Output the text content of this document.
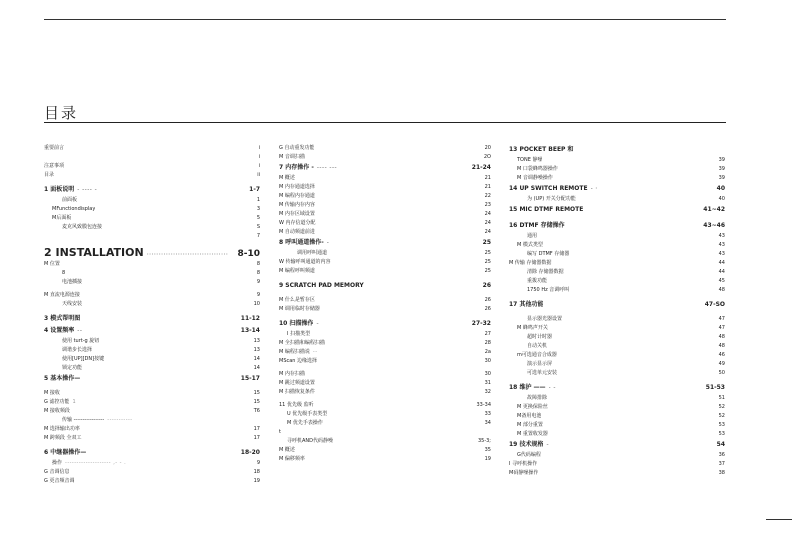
目录
重要前言	i
i
注意事项	i
目录	ii
1 面板说明 - ---- -	1-7
前面板	1
MFunctiondisplay	3
M后面板	5
麦克风致膜包连接	S
7
2 INSTALLATION ··································	8-10
M 位置	8
8	8
电池插接	9
M 直流电源连接	9
天线安装	10
3 模式帮明图	11-12
4 设置频率 --	13-14
使用 turt-g 旋钮	13
调谐步长选择	13
使用[UP][DN]按键	14
锁定功能	14
5 基本操作—	15-17
M 接收	15
G 滤控功能 1	15
M 接收频段	T6
传输 ----------------- -----------
M 选择输出功率	17
M 跨频段 全双工	17
6 中继器操作—	18-20
操作 -------------------- ,- - .	9
G 音调信息	18
G 更音频音调	19
G 自动重发功能	20
M 音调扫描	2O
7 内存操作 - ---- ---	21-24
M 概述	21
M 内存通道选择	21
M 编程内存通道	22
M 传输内存内容	23
M 内存区域设置	24
W 内存信道分配	24
M 自动频道前进	24
8 呼叫通道操作- -	25
调用呼叫通道	25
W 传输呼叫通道的内容	25
M 编程呼叫频道	25
9 SCRATCH PAD MEMORY	26
M 什么是暂存区	26
M 调用临时存储器	26
10 扫描操作 -	27-32
I 扫描类型	27
M 全扫描和编程扫描	28
M 编程扫描说 --	2a
MScan 边缘选择	30
M 内存扫描	30
M 跳过频道设置	31
M 扫描恢复条件	32
11 优先级 监听	33-34
U 优先级手表类型	33
M 优先手表操作	34
t
寻呼机AND代码静噪	35-3;
M 概述	35
M 偏移频率	19
13 POCKET BEEP 和
TONE 静噪	39
M 口袋蜂鸣器操作	39
M 音调静噪操作	39
14 UP SWITCH REMOTE - ·	40
为 (UP) 开关分配功能	40
15 MIC DTMF REMOTE	41~42
16 DTMF 存储操作	43~46
通用	43
M 模式类型	43
编写 DTMF 存储器	43
M 传输 存储器数据	44
清除 存储器数据	44
重拨功能	45
1750 Hz 音调呼叫	48
17 其他功能	47-SO
显示器光器设置	47
M 蜂鸣声开关	47
超时计时器	48
自动关机	48
m可选通音合成器	46
演示显示屏	49
可选单元安装	50
18 维护 —— - -	51-53
故障排除	51
M 更换保险丝	52
M备用电池	52
M 部分重置	53
M 重置收发器	53
19 技术规格 -	54
G代码编程	36
I 寻呼机操作	37
M码静噪操作	38
